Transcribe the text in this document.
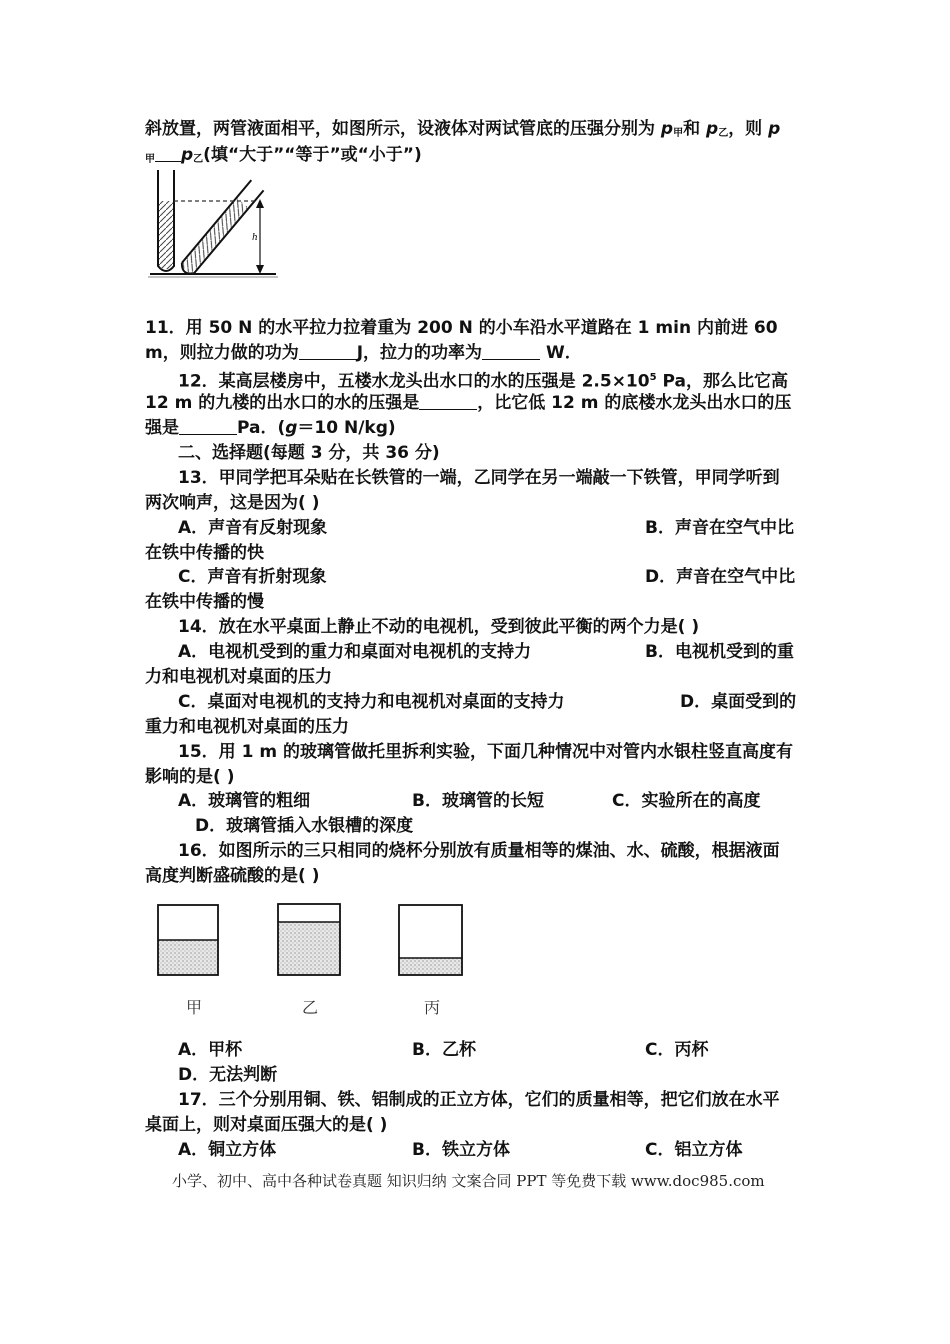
斜放置，两管液面相平，如图所示，设液体对两试管底的压强分别为 $p_甲$和 $p_乙$，则 p
$_甲$ $p_乙$(填“大于”“等于”或“小于”)
h
11．用 50 N 的水平拉力拉着重为 200 N 的小车沿水平道路在 1 min 内前进 60
m，则拉力做的功为	J，拉力的功率为	W．
12．某高层楼房中，五楼水龙头出水口的水的压强是 $2.5\times 10^5$ Pa，那么比它高
12 m 的九楼的出水口的水的压强是	，比它低 12 m 的底楼水龙头出水口的压
强是	Pa．(g＝10 N/kg)
二、选择题(每题 3 分，共 36 分)
13．甲同学把耳朵贴在长铁管的一端，乙同学在另一端敲一下铁管，甲同学听到
两次响声，这是因为( )
A．声音有反射现象	B．声音在空气中比
在铁中传播的快
C．声音有折射现象	D．声音在空气中比
在铁中传播的慢
14．放在水平桌面上静止不动的电视机，受到彼此平衡的两个力是( )
A．电视机受到的重力和桌面对电视机的支持力	B．电视机受到的重
力和电视机对桌面的压力
C．桌面对电视机的支持力和电视机对桌面的支持力	D．桌面受到的
重力和电视机对桌面的压力
15．用 1 m 的玻璃管做托里拆利实验，下面几种情况中对管内水银柱竖直高度有
影响的是( )
A．玻璃管的粗细	B．玻璃管的长短	C．实验所在的高度
D．玻璃管插入水银槽的深度
16．如图所示的三只相同的烧杯分别放有质量相等的煤油、水、硫酸，根据液面
高度判断盛硫酸的是( )
甲	乙	丙
A．甲杯	B．乙杯	C．丙杯
D．无法判断
17．三个分别用铜、铁、铝制成的正立方体，它们的质量相等，把它们放在水平
桌面上，则对桌面压强大的是( )
A．铜立方体	B．铁立方体	C．铝立方体
小学、初中、高中各种试卷真题 知识归纳 文案合同 PPT 等免费下载 www.doc985.com
